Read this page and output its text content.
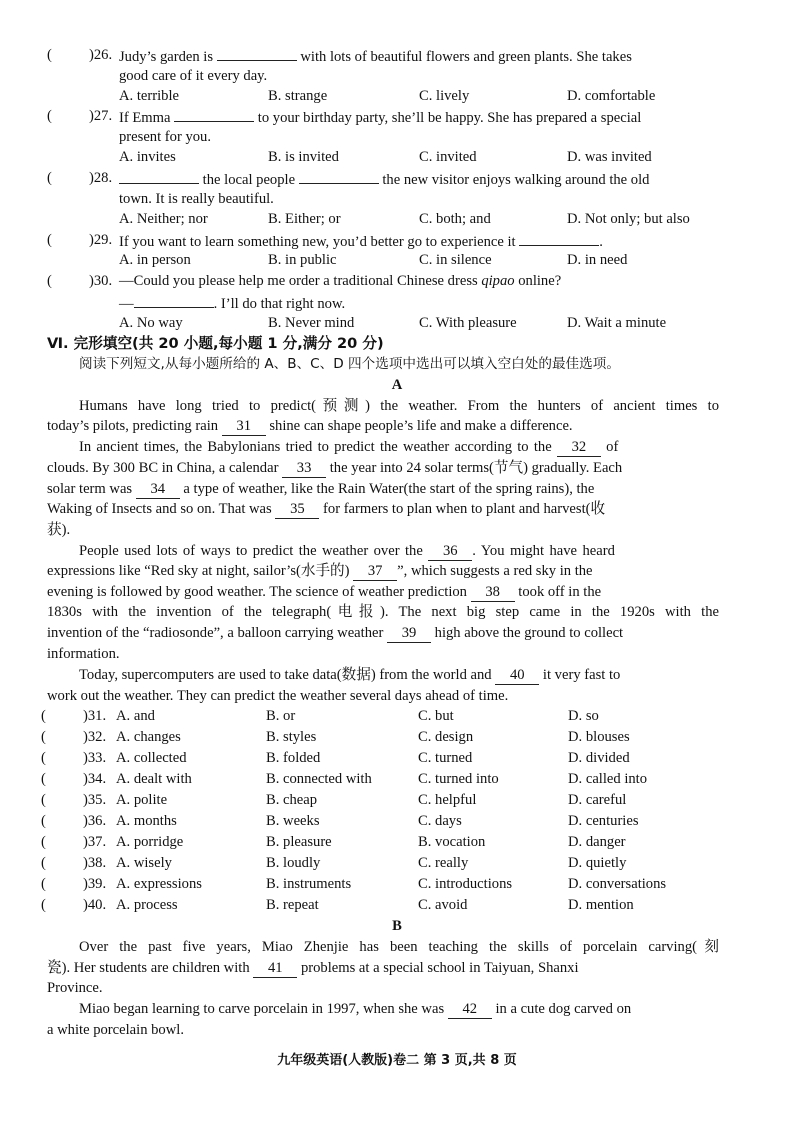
(	)26. Judy’s garden is	with lots of beautiful flowers and green plants. She takes
good care of it every day.
A. terrible	B. strange	C. lively	D. comfortable
(	)27. If Emma	to your birthday party, she’ll be happy. She has prepared a special
present for you.
A. invites	B. is invited	C. invited	D. was invited
(	)28.	the local people	the new visitor enjoys walking around the old
town. It is really beautiful.
A. Neither; nor	B. Either; or	C. both; and	D. Not only; but also
(	)29. If you want to learn something new, you’d better go to experience it	.
A. in person	B. in public	C. in silence	D. in need
(	)30. —Could you please help me order a traditional Chinese dress qipao online?
—	. I’ll do that right now.
A. No way	B. Never mind	C. With pleasure	D. Wait a minute
Ⅵ. 完形填空(共 20 小题,每小题 1 分,满分 20 分)
阅读下列短文,从每小题所给的 A、B、C、D 四个选项中选出可以填入空白处的最佳选项。
A
Humans have long tried to predict(预测) the weather. From the hunters of ancient times to
today’s pilots, predicting rain 31 shine can shape people’s life and make a difference.
In ancient times, the Babylonians tried to predict the weather according to the 32 of
clouds. By 300 BC in China, a calendar 33 the year into 24 solar terms(节气) gradually. Each
solar term was 34 a type of weather, like the Rain Water(the start of the spring rains), the
Waking of Insects and so on. That was 35 for farmers to plan when to plant and harvest(收
获).
People used lots of ways to predict the weather over the 36 . You might have heard
expressions like “Red sky at night, sailor’s(水手的) 37 ”, which suggests a red sky in the
evening is followed by good weather. The science of weather prediction 38 took off in the
1830s with the invention of the telegraph(电报). The next big step came in the 1920s with the
invention of the “radiosonde”, a balloon carrying weather 39 high above the ground to collect
information.
Today, supercomputers are used to take data(数据) from the world and 40 it very fast to
work out the weather. They can predict the weather several days ahead of time.
(	)31. A. and	B. or	C. but	D. so
(	)32. A. changes	B. styles	C. design	D. blouses
(	)33. A. collected	B. folded	C. turned	D. divided
(	)34. A. dealt with	B. connected with	C. turned into	D. called into
(	)35. A. polite	B. cheap	C. helpful	D. careful
(	)36. A. months	B. weeks	C. days	D. centuries
(	)37. A. porridge	B. pleasure	B. vocation	D. danger
(	)38. A. wisely	B. loudly	C. really	D. quietly
(	)39. A. expressions	B. instruments	C. introductions	D. conversations
(	)40. A. process	B. repeat	C. avoid	D. mention
B
Over the past five years, Miao Zhenjie has been teaching the skills of porcelain carving(刻
瓷). Her students are children with 41 problems at a special school in Taiyuan, Shanxi
Province.
Miao began learning to carve porcelain in 1997, when she was 42 in a cute dog carved on
a white porcelain bowl.
九年级英语(人教版)卷二 第 3 页,共 8 页
